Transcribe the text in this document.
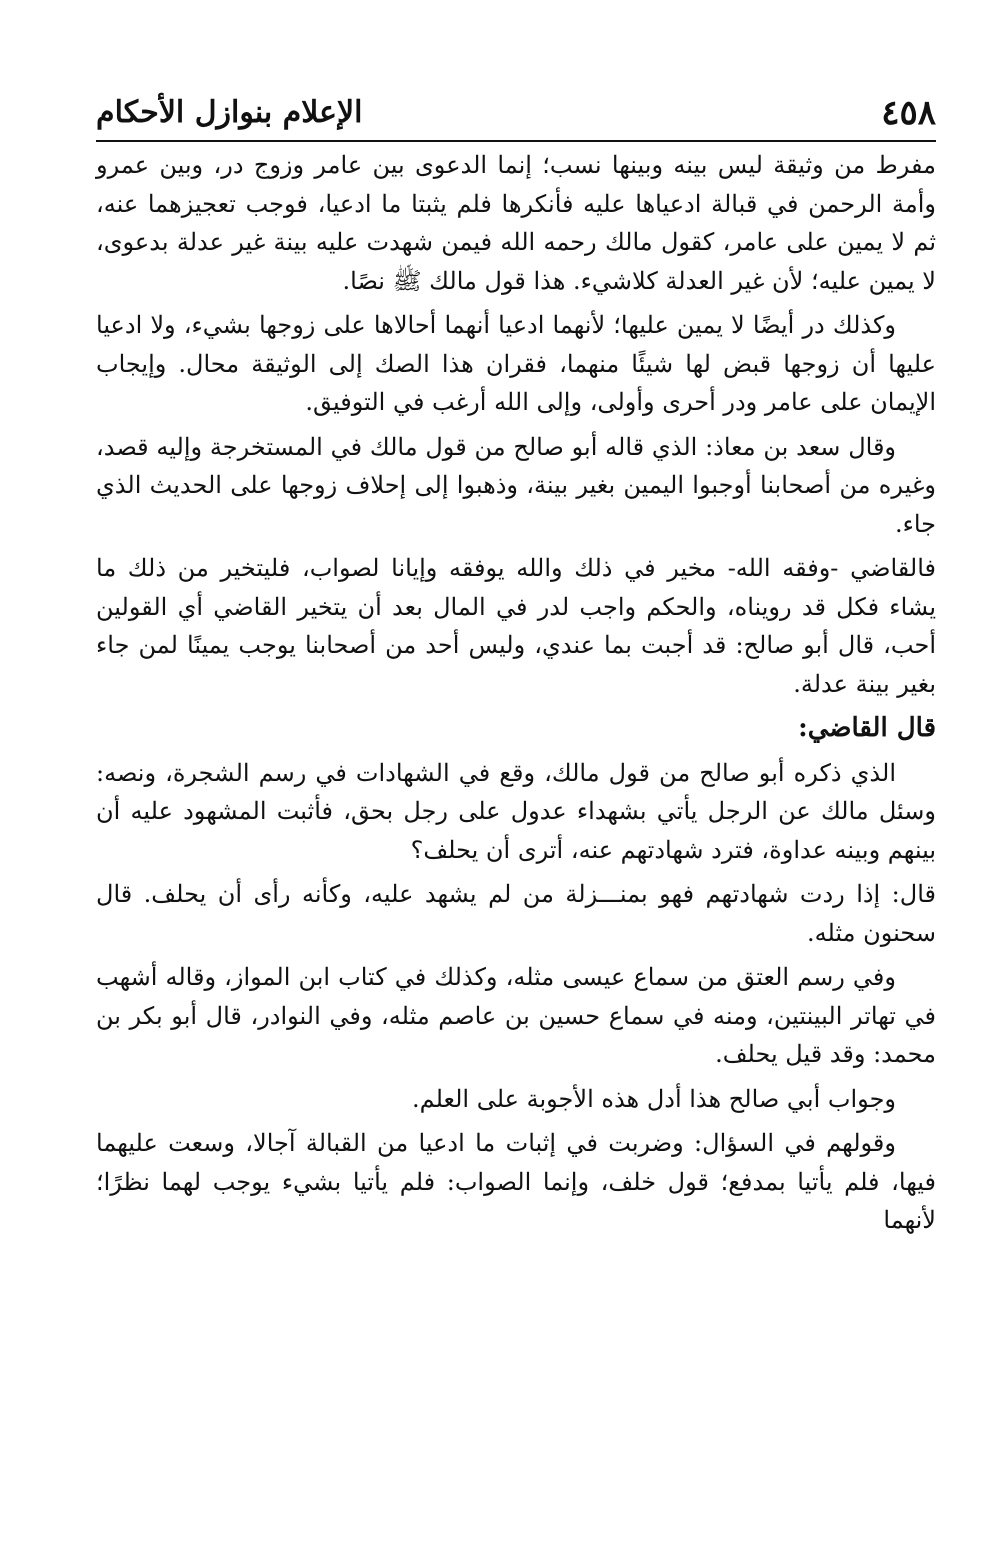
٤٥٨
الإعلام بنوازل الأحكام

مفرط من وثيقة ليس بينه وبينها نسب؛ إنما الدعوى بين عامر وزوج در، وبين عمرو وأمة الرحمن في قبالة ادعياها عليه فأنكرها فلم يثبتا ما ادعيا، فوجب تعجيزهما عنه، ثم لا يمين على عامر، كقول مالك رحمه الله فيمن شهدت عليه بينة غير عدلة بدعوى، لا يمين عليه؛ لأن غير العدلة كلاشيء. هذا قول مالك ﷺ نصًا.

وكذلك در أيضًا لا يمين عليها؛ لأنهما ادعيا أنهما أحالاها على زوجها بشيء، ولا ادعيا عليها أن زوجها قبض لها شيئًا منهما، فقران هذا الصك إلى الوثيقة محال. وإيجاب الإيمان على عامر ودر أحرى وأولى، وإلى الله أرغب في التوفيق.

وقال سعد بن معاذ: الذي قاله أبو صالح من قول مالك في المستخرجة وإليه قصد، وغيره من أصحابنا أوجبوا اليمين بغير بينة، وذهبوا إلى إحلاف زوجها على الحديث الذي جاء.

فالقاضي -وفقه الله- مخير في ذلك والله يوفقه وإيانا لصواب، فليتخير من ذلك ما يشاء فكل قد رويناه، والحكم واجب لدر في المال بعد أن يتخير القاضي أي القولين أحب، قال أبو صالح: قد أجبت بما عندي، وليس أحد من أصحابنا يوجب يمينًا لمن جاء بغير بينة عدلة.

قال القاضي:

الذي ذكره أبو صالح من قول مالك، وقع في الشهادات في رسم الشجرة، ونصه: وسئل مالك عن الرجل يأتي بشهداء عدول على رجل بحق، فأثبت المشهود عليه أن بينهم وبينه عداوة، فترد شهادتهم عنه، أترى أن يحلف؟

قال: إذا ردت شهادتهم فهو بمنـــزلة من لم يشهد عليه، وكأنه رأى أن يحلف. قال سحنون مثله.

وفي رسم العتق من سماع عيسى مثله، وكذلك في كتاب ابن المواز، وقاله أشهب في تهاتر البينتين، ومنه في سماع حسين بن عاصم مثله، وفي النوادر، قال أبو بكر بن محمد: وقد قيل يحلف.

وجواب أبي صالح هذا أدل هذه الأجوبة على العلم.

وقولهم في السؤال: وضربت في إثبات ما ادعيا من القبالة آجالا، وسعت عليهما فيها، فلم يأتيا بمدفع؛ قول خلف، وإنما الصواب: فلم يأتيا بشيء يوجب لهما نظرًا؛ لأنهما
